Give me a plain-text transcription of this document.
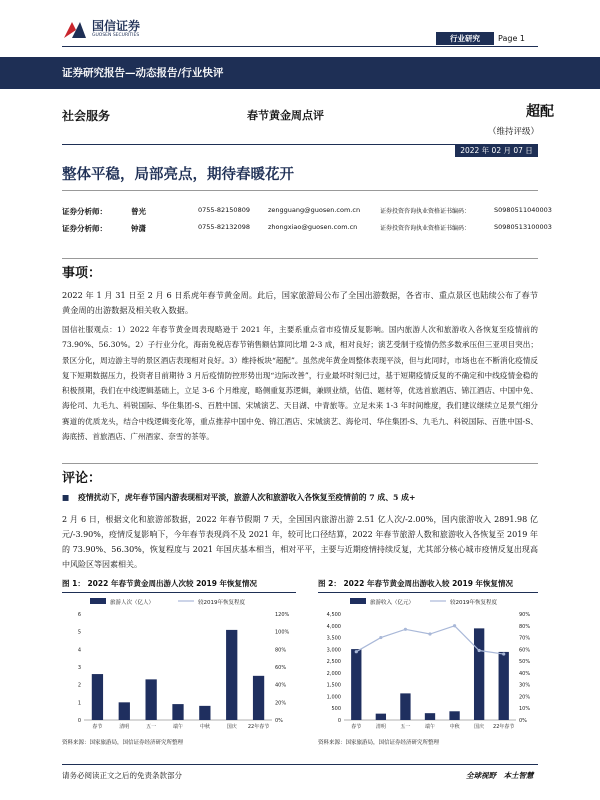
国信证券
GUOSEN SECURITIES	行业研究	Page 1
证券研究报告—动态报告/行业快评
社会服务	春节黄金周点评	超配
（维持评级）
2022 年 02 月 07 日
整体平稳，局部亮点，期待春暖花开
证券分析师：	曾光	0755-82150809	zengguang@guosen.com.cn	证券投资咨询执业资格证书编码：	S0980511040003
证券分析师：	钟潇	0755-82132098	zhongxiao@guosen.com.cn	证券投资咨询执业资格证书编码：	S0980513100003
事项：
2022 年 1 月 31 日至 2 月 6 日系虎年春节黄金周。此后，国家旅游局公布了全国出游数据，各省市、重点景区也陆续公布了春节黄金周的出游数据及相关收入数据。
国信社服观点：1）2022 年春节黄金周表现略逊于 2021 年，主要系重点省市疫情反复影响。国内旅游人次和旅游收入各恢复至疫情前的 73.90%、56.30%。2）子行业分化，海南免税店春节销售额估算同比增 2-3 成，相对良好；演艺受制于疫情仍然多数承压但三亚项目突出；景区分化，周边游主导的景区酒店表现相对良好。3）维持板块“超配”。虽然虎年黄金周整体表现平淡，但与此同时，市场也在不断消化疫情反复下短期数据压力，投资者目前期待 3 月后疫情防控形势出现“边际改善”，行业最坏时刻已过，基于短期疫情反复的不确定和中线疫情金稳的积极预期，我们在中线逻辑基础上，立足 3-6 个月维度，略侧重复苏逻辑，兼顾业绩，估值、题材等，优选首旅酒店、锦江酒店、中国中免、海伦司、九毛九、科锐国际、华住集团-S、百胜中国、宋城演艺、天目湖、中青旅等。立足未来 1-3 年时间维度，我们建议继续立足景气细分赛道的优质龙头，结合中线逻辑变化等，重点推荐中国中免、锦江酒店、宋城演艺、海伦司、华住集团-S、九毛九、科锐国际、百胜中国-S、海底捞、首旅酒店、广州酒家、奈雪的茶等。
评论：
■ 疫情扰动下，虎年春节国内游表现相对平淡，旅游人次和旅游收入各恢复至疫情前的 7 成、5 成+
2 月 6 日，根据文化和旅游部数据，2022 年春节假期 7 天，全国国内旅游出游 2.51 亿人次/-2.00%，国内旅游收入 2891.98 亿元/-3.90%，疫情反复影响下，今年春节表现尚不及 2021 年，较可比口径结算，2022 年春节旅游人数和旅游收入各恢复至 2019 年的 73.90%、56.30%，恢复程度与 2021 年国庆基本相当，相对平平，主要与近期疫情持续反复，尤其部分核心城市疫情反复出现高中风险区等因素相关。
图 1： 2022 年春节黄金周出游人次较 2019 年恢复情况
旅游人次（亿人）	较2019年恢复程度
0
1
2
3
4
5
6
0%
20%
40%
60%
80%
100%
120%
春节	清明	五一	端午	中秋	国庆 22年春节
资料来源：国家旅游局，国信证券经济研究所整理
图 2： 2022 年春节黄金周出游收入较 2019 年恢复情况
旅游收入（亿元）	较2019年恢复程度
0
500
1,000
1,500
2,000
2,500
3,000
3,500
4,000
4,500
0%
10%
20%
30%
40%
50%
60%
70%
80%
90%
春节	清明	五一	端午	中秋	国庆 22年春节
资料来源：国家旅游局，国信证券经济研究所整理
请务必阅读正文之后的免责条款部分	全球视野　本土智慧
